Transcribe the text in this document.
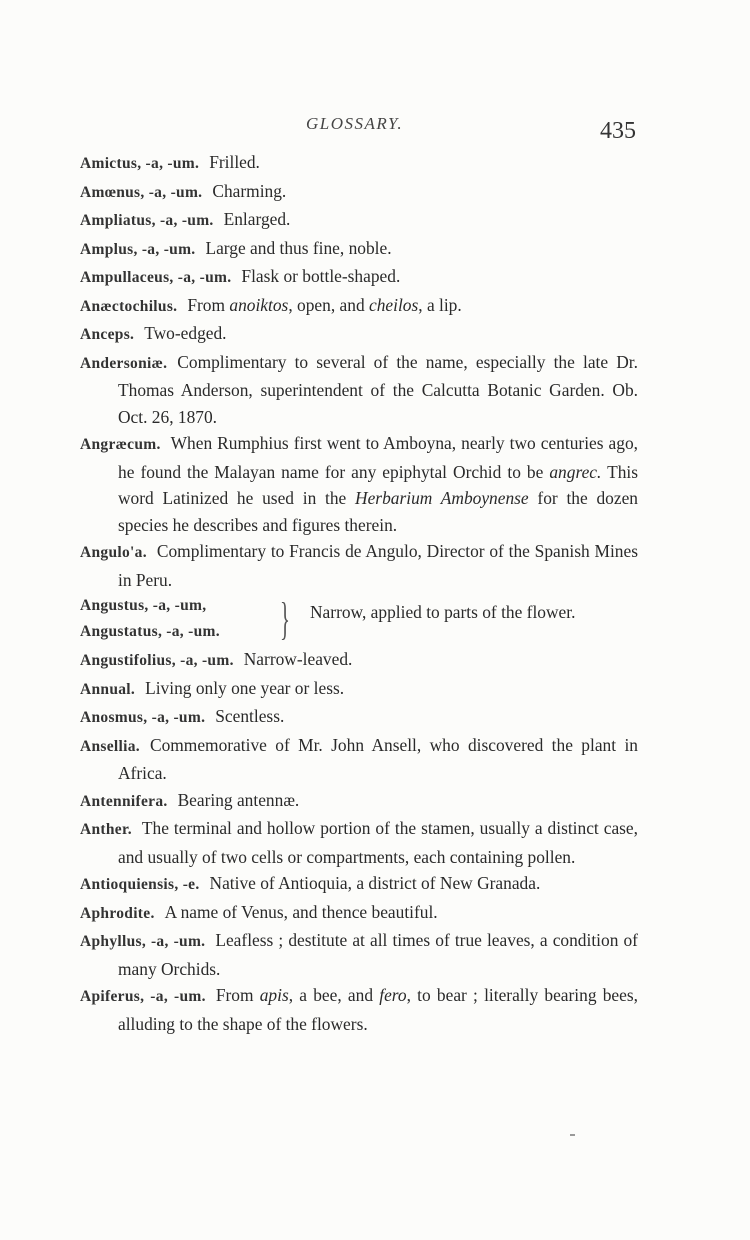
GLOSSARY.	435
Amictus, -a, -um. Frilled.
Amœnus, -a, -um. Charming.
Ampliatus, -a, -um. Enlarged.
Amplus, -a, -um. Large and thus fine, noble.
Ampullaceus, -a, -um. Flask or bottle-shaped.
Anæctochilus. From anoiktos, open, and cheilos, a lip.
Anceps. Two-edged.
Andersoniæ. Complimentary to several of the name, especially the late Dr. Thomas Anderson, superintendent of the Calcutta Botanic Garden. Ob. Oct. 26, 1870.
Angræcum. When Rumphius first went to Amboyna, nearly two centuries ago, he found the Malayan name for any epiphytal Orchid to be angrec. This word Latinized he used in the Herbarium Amboynense for the dozen species he describes and figures therein.
Angulo'a. Complimentary to Francis de Angulo, Director of the Spanish Mines in Peru.
Angustus, -a, -um,
Angustatus, -a, -um. } Narrow, applied to parts of the flower.
Angustifolius, -a, -um. Narrow-leaved.
Annual. Living only one year or less.
Anosmus, -a, -um. Scentless.
Ansellia. Commemorative of Mr. John Ansell, who discovered the plant in Africa.
Antennifera. Bearing antennæ.
Anther. The terminal and hollow portion of the stamen, usually a distinct case, and usually of two cells or compartments, each containing pollen.
Antioquiensis, -e. Native of Antioquia, a district of New Granada.
Aphrodite. A name of Venus, and thence beautiful.
Aphyllus, -a, -um. Leafless ; destitute at all times of true leaves, a condition of many Orchids.
Apiferus, -a, -um. From apis, a bee, and fero, to bear ; literally bearing bees, alluding to the shape of the flowers.
